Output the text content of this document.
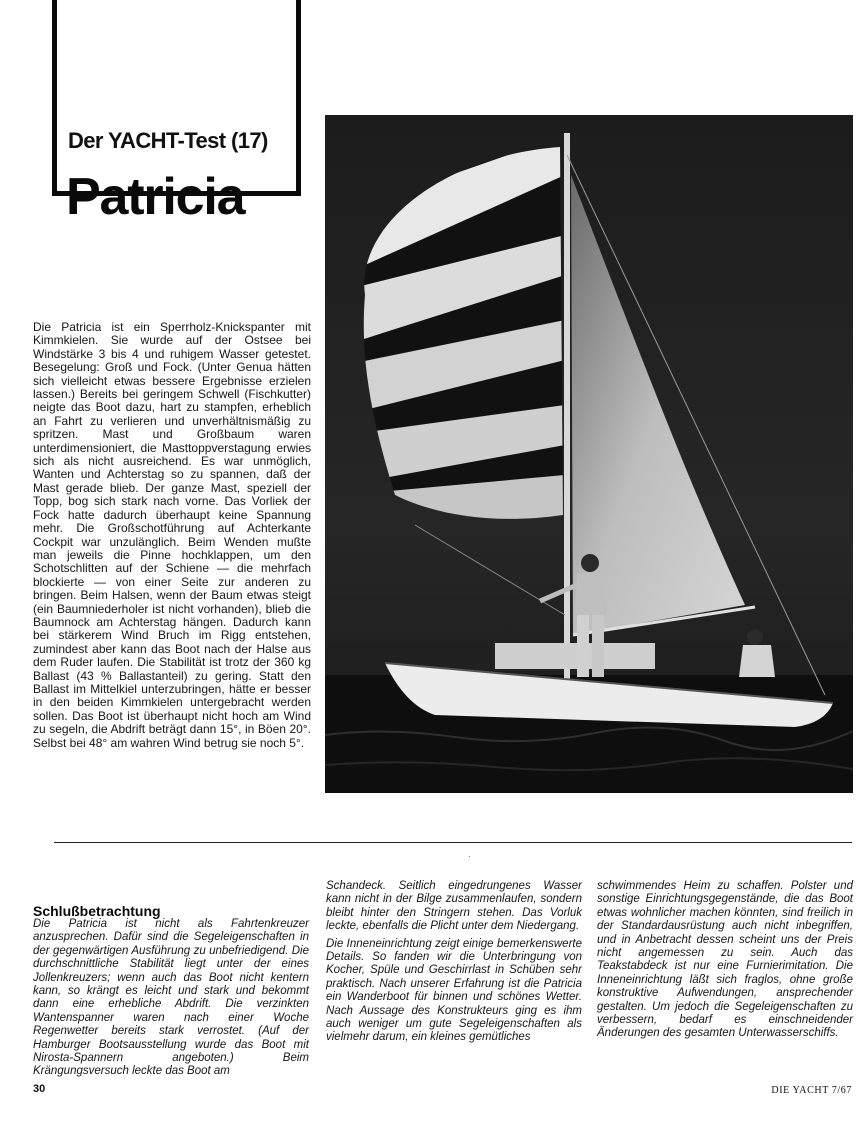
Der YACHT-Test (17)
Patricia

Die Patricia ist ein Sperrholz-Knickspanter mit Kimmkielen. Sie wurde auf der Ostsee bei Windstärke 3 bis 4 und ruhigem Wasser getestet. Besegelung: Groß und Fock. (Unter Genua hätten sich vielleicht etwas bessere Ergebnisse erzielen lassen.) Bereits bei geringem Schwell (Fischkutter) neigte das Boot dazu, hart zu stampfen, erheblich an Fahrt zu verlieren und unverhältnismäßig zu spritzen. Mast und Großbaum waren unterdimensioniert, die Masttoppverstagung erwies sich als nicht ausreichend. Es war unmöglich, Wanten und Achterstag so zu spannen, daß der Mast gerade blieb. Der ganze Mast, speziell der Topp, bog sich stark nach vorne. Das Vorliek der Fock hatte dadurch überhaupt keine Spannung mehr. Die Großschotführung auf Achterkante Cockpit war unzulänglich. Beim Wenden mußte man jeweils die Pinne hochklappen, um den Schotschlitten auf der Schiene — die mehrfach blockierte — von einer Seite zur anderen zu bringen. Beim Halsen, wenn der Baum etwas steigt (ein Baumniederholer ist nicht vorhanden), blieb die Baumnock am Achterstag hängen. Dadurch kann bei stärkerem Wind Bruch im Rigg entstehen, zumindest aber kann das Boot nach der Halse aus dem Ruder laufen. Die Stabilität ist trotz der 360 kg Ballast (43 % Ballastanteil) zu gering. Statt den Ballast im Mittelkiel unterzubringen, hätte er besser in den beiden Kimmkielen untergebracht werden sollen. Das Boot ist überhaupt nicht hoch am Wind zu segeln, die Abdrift beträgt dann 15°, in Böen 20°. Selbst bei 48° am wahren Wind betrug sie noch 5°.

·
Schlußbetrachtung

Die Patricia ist nicht als Fahrtenkreuzer anzusprechen. Dafür sind die Segeleigenschaften in der gegenwärtigen Ausführung zu unbefriedigend. Die durchschnittliche Stabilität liegt unter der eines Jollenkreuzers; wenn auch das Boot nicht kentern kann, so krängt es leicht und stark und bekommt dann eine erhebliche Abdrift. Die verzinkten Wantenspanner waren nach einer Woche Regenwetter bereits stark verrostet. (Auf der Hamburger Bootsausstellung wurde das Boot mit Nirosta-Spannern angeboten.) Beim Krängungsversuch leckte das Boot am

Schandeck. Seitlich eingedrungenes Wasser kann nicht in der Bilge zusammenlaufen, sondern bleibt hinter den Stringern stehen. Das Vorluk leckte, ebenfalls die Plicht unter dem Niedergang.

Die Inneneinrichtung zeigt einige bemerkenswerte Details. So fanden wir die Unterbringung von Kocher, Spüle und Geschirrlast in Schüben sehr praktisch. Nach unserer Erfahrung ist die Patricia ein Wanderboot für binnen und schönes Wetter. Nach Aussage des Konstrukteurs ging es ihm auch weniger um gute Segeleigenschaften als vielmehr darum, ein kleines gemütliches

schwimmendes Heim zu schaffen. Polster und sonstige Einrichtungsgegenstände, die das Boot etwas wohnlicher machen könnten, sind freilich in der Standardausrüstung auch nicht inbegriffen, und in Anbetracht dessen scheint uns der Preis nicht angemessen zu sein. Auch das Teakstabdeck ist nur eine Furnierimitation. Die Inneneinrichtung läßt sich fraglos, ohne große konstruktive Aufwendungen, ansprechender gestalten. Um jedoch die Segeleigenschaften zu verbessern, bedarf es einschneidender Änderungen des gesamten Unterwasserschiffs.

30	DIE YACHT 7/67
